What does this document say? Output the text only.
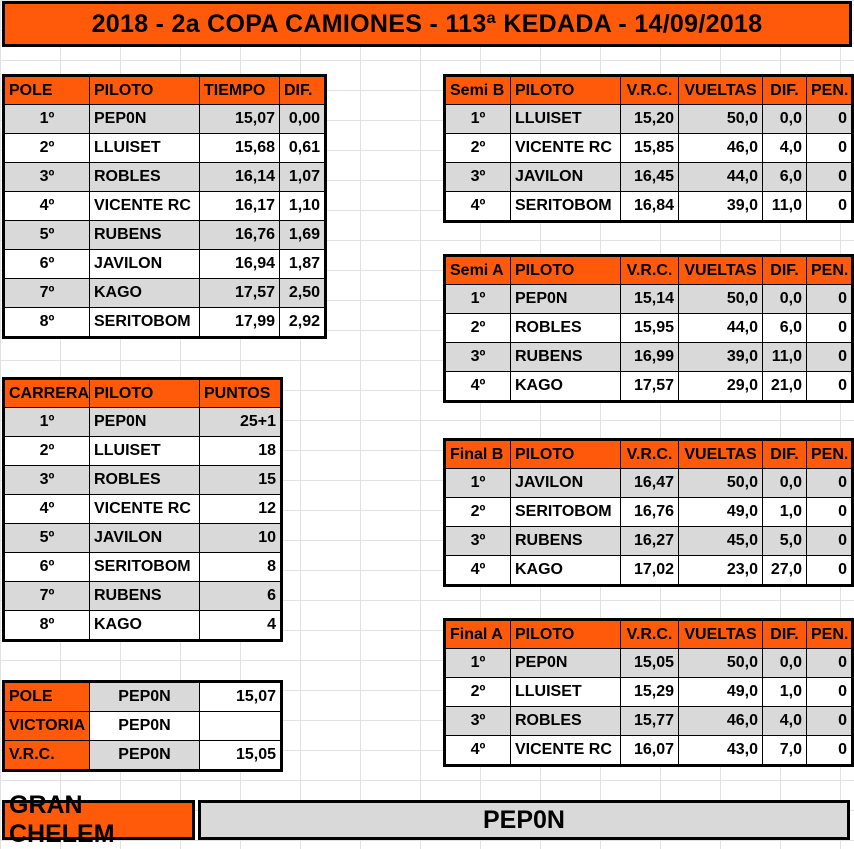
2018 - 2a COPA CAMIONES - 113ª KEDADA - 14/09/2018
POLE	PILOTO	TIEMPO	DIF.
1º	PEP0N	15,07	0,00
2º	LLUISET	15,68	0,61
3º	ROBLES	16,14	1,07
4º	VICENTE RC	16,17	1,10
5º	RUBENS	16,76	1,69
6º	JAVILON	16,94	1,87
7º	KAGO	17,57	2,50
8º	SERITOBOM	17,99	2,92
CARRERA	PILOTO	PUNTOS
1º	PEP0N	25+1
2º	LLUISET	18
3º	ROBLES	15
4º	VICENTE RC	12
5º	JAVILON	10
6º	SERITOBOM	8
7º	RUBENS	6
8º	KAGO	4
POLE	PEP0N	15,07
VICTORIA	PEP0N	
V.R.C.	PEP0N	15,05
Semi B	PILOTO	V.R.C.	VUELTAS	DIF.	PEN.
1º	LLUISET	15,20	50,0	0,0	0
2º	VICENTE RC	15,85	46,0	4,0	0
3º	JAVILON	16,45	44,0	6,0	0
4º	SERITOBOM	16,84	39,0	11,0	0
Semi A	PILOTO	V.R.C.	VUELTAS	DIF.	PEN.
1º	PEP0N	15,14	50,0	0,0	0
2º	ROBLES	15,95	44,0	6,0	0
3º	RUBENS	16,99	39,0	11,0	0
4º	KAGO	17,57	29,0	21,0	0
Final B	PILOTO	V.R.C.	VUELTAS	DIF.	PEN.
1º	JAVILON	16,47	50,0	0,0	0
2º	SERITOBOM	16,76	49,0	1,0	0
3º	RUBENS	16,27	45,0	5,0	0
4º	KAGO	17,02	23,0	27,0	0
Final A	PILOTO	V.R.C.	VUELTAS	DIF.	PEN.
1º	PEP0N	15,05	50,0	0,0	0
2º	LLUISET	15,29	49,0	1,0	0
3º	ROBLES	15,77	46,0	4,0	0
4º	VICENTE RC	16,07	43,0	7,0	0
GRAN CHELEM
PEP0N
